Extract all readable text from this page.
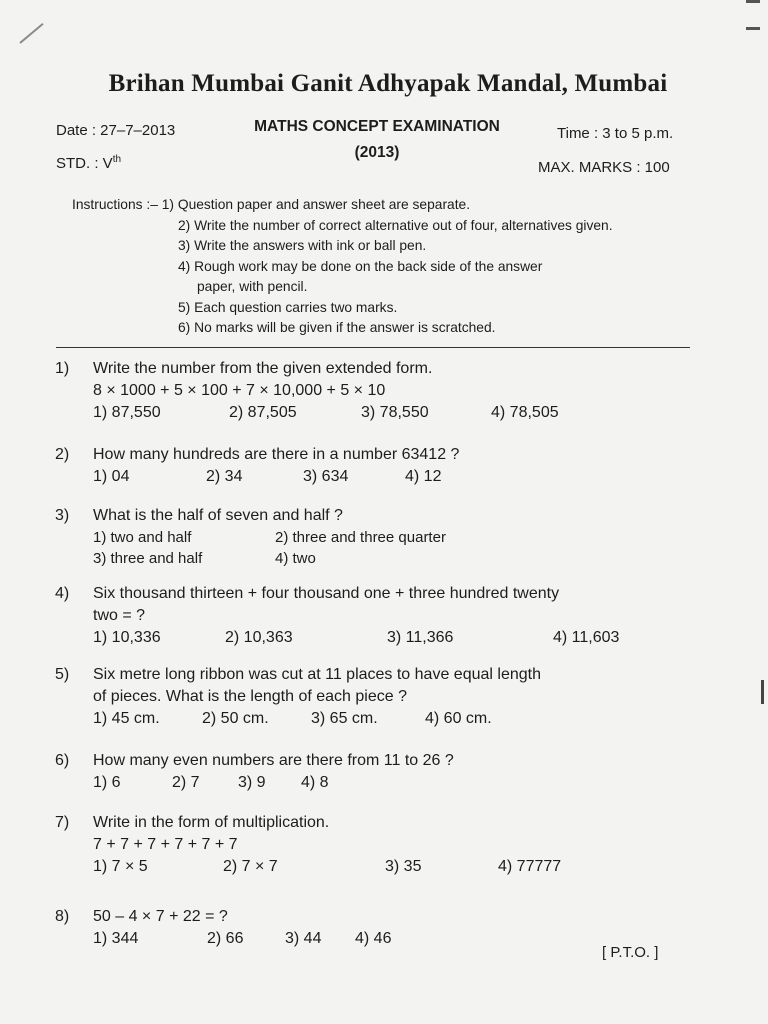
Brihan Mumbai Ganit Adhyapak Mandal, Mumbai
Date : 27–7–2013
STD. : Vth
MATHS CONCEPT EXAMINATION
(2013)
Time : 3 to 5 p.m.
MAX. MARKS : 100
Instructions :– 1) Question paper and answer sheet are separate.
2) Write the number of correct alternative out of four, alternatives given.
3) Write the answers with ink or ball pen.
4) Rough work may be done on the back side of the answer
paper, with pencil.
5) Each question carries two marks.
6) No marks will be given if the answer is scratched.
1) Write the number from the given extended form.
8 × 1000 + 5 × 100 + 7 × 10,000 + 5 × 10
1) 87,550	2) 87,505	3) 78,550	4) 78,505
2) How many hundreds are there in a number 63412 ?
1) 04	2) 34	3) 634	4) 12
3) What is the half of seven and half ?
1) two and half	2) three and three quarter
3) three and half	4) two
4) Six thousand thirteen + four thousand one + three hundred twenty
two = ?
1) 10,336	2) 10,363	3) 11,366	4) 11,603
5) Six metre long ribbon was cut at 11 places to have equal length
of pieces. What is the length of each piece ?
1) 45 cm.	2) 50 cm.	3) 65 cm.	4) 60 cm.
6) How many even numbers are there from 11 to 26 ?
1) 6	2) 7 3) 9 4) 8
7) Write in the form of multiplication.
7 + 7 + 7 + 7 + 7 + 7
1) 7 × 5	2) 7 × 7	3) 35	4) 77777
8) 50 – 4 × 7 + 22 = ?
1) 344	2) 66	3) 44 4) 46
[ P.T.O. ]
